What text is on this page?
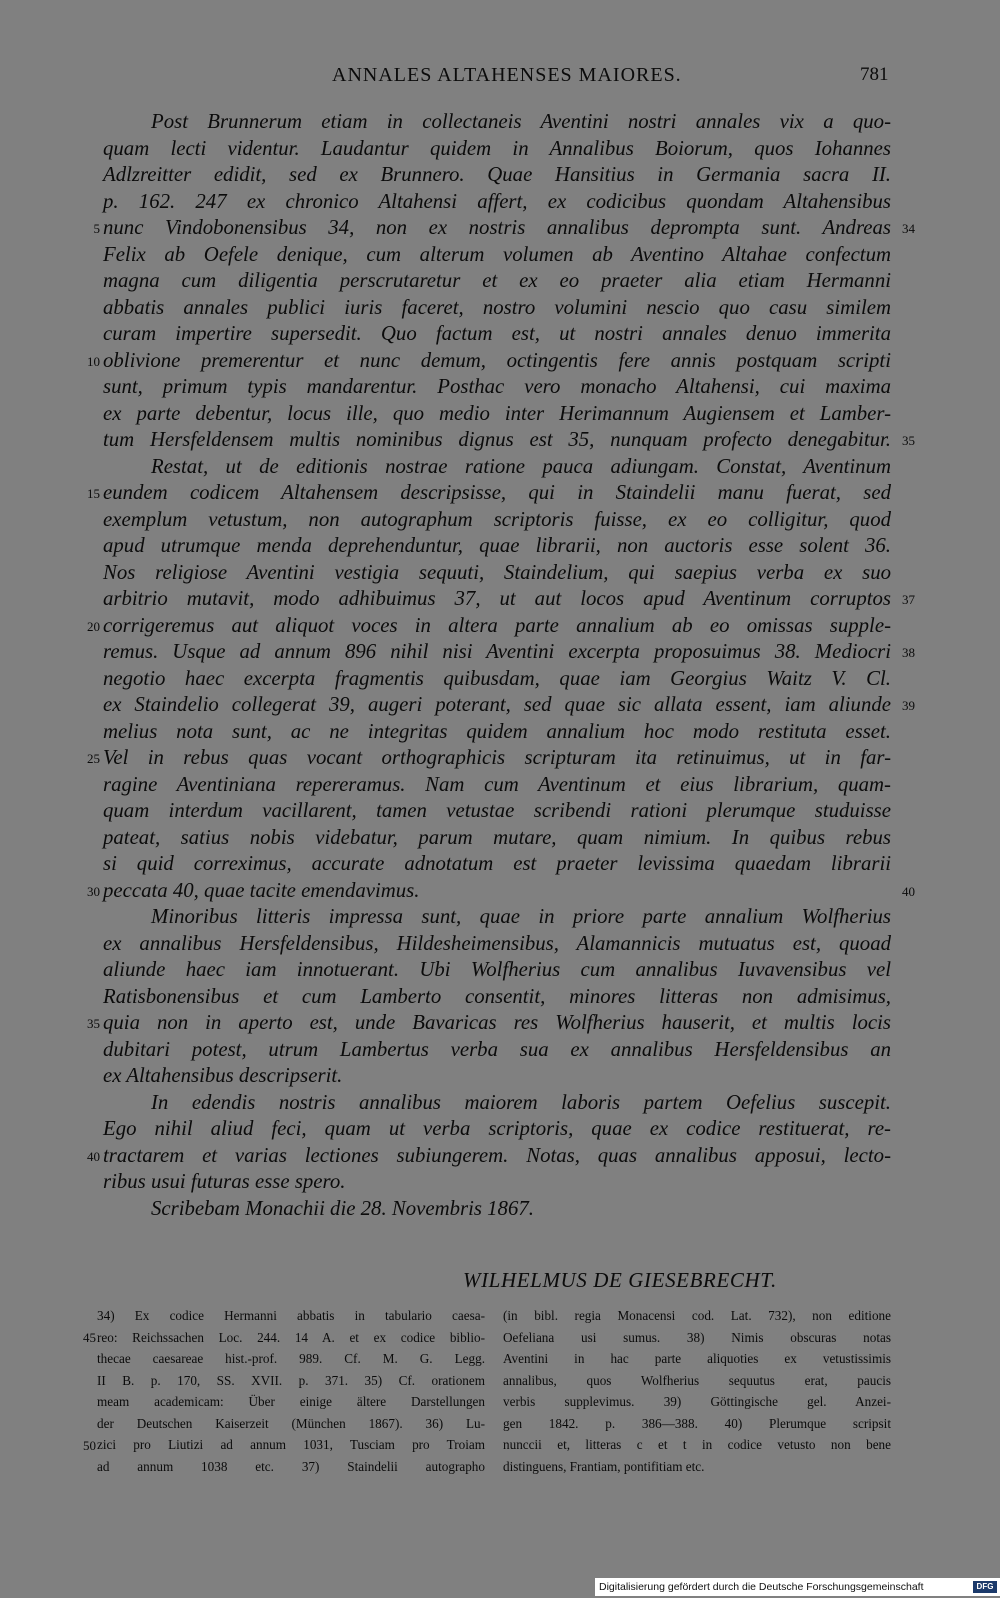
ANNALES ALTAHENSES MAIORES.	781
Post Brunnerum etiam in collectaneis Aventini nostri annales vix a quo-
quam lecti videntur. Laudantur quidem in Annalibus Boiorum, quos Iohannes
Adlzreitter edidit, sed ex Brunnero. Quae Hansitius in Germania sacra II.
p. 162. 247 ex chronico Altahensi affert, ex codicibus quondam Altahensibus
nunc Vindobonensibus 34, non ex nostris annalibus deprompta sunt. Andreas
Felix ab Oefele denique, cum alterum volumen ab Aventino Altahae confectum
magna cum diligentia perscrutaretur et ex eo praeter alia etiam Hermanni
abbatis annales publici iuris faceret, nostro volumini nescio quo casu similem
curam impertire supersedit. Quo factum est, ut nostri annales denuo immerita
oblivione premerentur et nunc demum, octingentis fere annis postquam scripti
sunt, primum typis mandarentur. Posthac vero monacho Altahensi, cui maxima
ex parte debentur, locus ille, quo medio inter Herimannum Augiensem et Lamber-
tum Hersfeldensem multis nominibus dignus est 35, nunquam profecto denegabitur.
Restat, ut de editionis nostrae ratione pauca adiungam. Constat, Aventinum
eundem codicem Altahensem descripsisse, qui in Staindelii manu fuerat, sed
exemplum vetustum, non autographum scriptoris fuisse, ex eo colligitur, quod
apud utrumque menda deprehenduntur, quae librarii, non auctoris esse solent 36.
Nos religiose Aventini vestigia sequuti, Staindelium, qui saepius verba ex suo
arbitrio mutavit, modo adhibuimus 37, ut aut locos apud Aventinum corruptos
corrigeremus aut aliquot voces in altera parte annalium ab eo omissas supple-
remus. Usque ad annum 896 nihil nisi Aventini excerpta proposuimus 38. Mediocri
negotio haec excerpta fragmentis quibusdam, quae iam Georgius Waitz V. Cl.
ex Staindelio collegerat 39, augeri poterant, sed quae sic allata essent, iam aliunde
melius nota sunt, ac ne integritas quidem annalium hoc modo restituta esset.
Vel in rebus quas vocant orthographicis scripturam ita retinuimus, ut in far-
ragine Aventiniana repereramus. Nam cum Aventinum et eius librarium, quam-
quam interdum vacillarent, tamen vetustae scribendi rationi plerumque studuisse
pateat, satius nobis videbatur, parum mutare, quam nimium. In quibus rebus
si quid correximus, accurate adnotatum est praeter levissima quaedam librarii
peccata 40, quae tacite emendavimus.
Minoribus litteris impressa sunt, quae in priore parte annalium Wolfherius
ex annalibus Hersfeldensibus, Hildesheimensibus, Alamannicis mutuatus est, quoad
aliunde haec iam innotuerant. Ubi Wolfherius cum annalibus Iuvavensibus vel
Ratisbonensibus et cum Lamberto consentit, minores litteras non admisimus,
quia non in aperto est, unde Bavaricas res Wolfherius hauserit, et multis locis
dubitari potest, utrum Lambertus verba sua ex annalibus Hersfeldensibus an
ex Altahensibus descripserit.
In edendis nostris annalibus maiorem laboris partem Oefelius suscepit.
Ego nihil aliud feci, quam ut verba scriptoris, quae ex codice restituerat, re-
tractarem et varias lectiones subiungerem. Notas, quas annalibus apposui, lecto-
ribus usui futuras esse spero.
Scribebam Monachii die 28. Novembris 1867.
5
10
15
20
25
30
35
40
34
35
37
38
39
40
WILHELMUS DE GIESEBRECHT.
45
50
34) Ex codice Hermanni abbatis in tabulario caesa-
reo: Reichssachen Loc. 244. 14 A. et ex codice biblio-
thecae caesareae hist.-prof. 989. Cf. M. G. Legg.
II B. p. 170, SS. XVII. p. 371. 35) Cf. orationem
meam academicam: Über einige ältere Darstellungen
der Deutschen Kaiserzeit (München 1867). 36) Lu-
zici pro Liutizi ad annum 1031, Tusciam pro Troiam
ad annum 1038 etc. 37) Staindelii autographo
(in bibl. regia Monacensi cod. Lat. 732), non editione
Oefeliana usi sumus. 38) Nimis obscuras notas
Aventini in hac parte aliquoties ex vetustissimis
annalibus, quos Wolfherius sequutus erat, paucis
verbis supplevimus. 39) Göttingische gel. Anzei-
gen 1842. p. 386—388. 40) Plerumque scripsit
nunccii et, litteras c et t in codice vetusto non bene
distinguens, Frantiam, pontifitiam etc.
Digitalisierung gefördert durch die Deutsche Forschungsgemeinschaft	DFG
